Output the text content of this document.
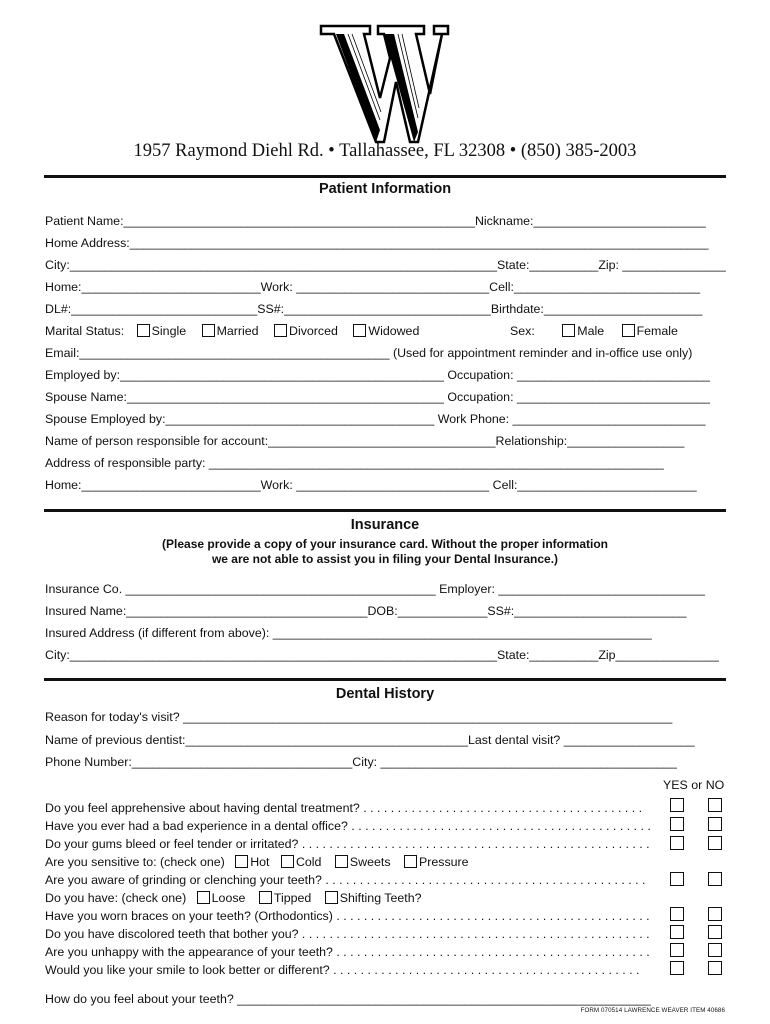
1957 Raymond Diehl Rd. • Tallahassee, FL 32308 • (850) 385-2003
Patient Information
Patient Name:___________________________________________________Nickname:_________________________
Home Address:____________________________________________________________________________________
City:______________________________________________________________State:__________Zip: _______________
Home:__________________________Work: ____________________________Cell:___________________________
DL#:___________________________SS#:______________________________Birthdate:_______________________
Marital Status: Single Married Divorced Widowed	Sex:	Male	Female
Email:_____________________________________________ (Used for appointment reminder and in-office use only)
Employed by:_______________________________________________ Occupation: ____________________________
Spouse Name:______________________________________________ Occupation: ____________________________
Spouse Employed by:_______________________________________ Work Phone: ____________________________
Name of person responsible for account:_________________________________Relationship:_________________
Address of responsible party: __________________________________________________________________
Home:__________________________Work: ____________________________ Cell:__________________________
Insurance
(Please provide a copy of your insurance card. Without the proper information
we are not able to assist you in filing your Dental Insurance.)
Insurance Co. _____________________________________________ Employer: ______________________________
Insured Name:___________________________________DOB:_____________SS#:_________________________
Insured Address (if different from above): _______________________________________________________
City:______________________________________________________________State:__________Zip_______________
Dental History
Reason for today's visit? _______________________________________________________________________
Name of previous dentist:_________________________________________Last dental visit? ___________________
Phone Number:________________________________City: ___________________________________________
YES or NO
Do you feel apprehensive about having dental treatment? . . . . . . . . . . . . . . . . . . . . . . . . . . . . . . . . . . . . . . . . .
Have you ever had a bad experience in a dental office? . . . . . . . . . . . . . . . . . . . . . . . . . . . . . . . . . . . . . . . . . . . .
Do your gums bleed or feel tender or irritated? . . . . . . . . . . . . . . . . . . . . . . . . . . . . . . . . . . . . . . . . . . . . . . . . . . .
Are you sensitive to: (check one) Hot Cold Sweets Pressure
Are you aware of grinding or clenching your teeth? . . . . . . . . . . . . . . . . . . . . . . . . . . . . . . . . . . . . . . . . . . . . . . .
Do you have: (check one) Loose Tipped Shifting Teeth?
Have you worn braces on your teeth? (Orthodontics) . . . . . . . . . . . . . . . . . . . . . . . . . . . . . . . . . . . . . . . . . . . . . .
Do you have discolored teeth that bother you? . . . . . . . . . . . . . . . . . . . . . . . . . . . . . . . . . . . . . . . . . . . . . . . . . . .
Are you unhappy with the appearance of your teeth? . . . . . . . . . . . . . . . . . . . . . . . . . . . . . . . . . . . . . . . . . . . . . .
Would you like your smile to look better or different? . . . . . . . . . . . . . . . . . . . . . . . . . . . . . . . . . . . . . . . . . . . . .
How do you feel about your teeth? ____________________________________________________________
FORM 070514 LAWRENCE WEAVER ITEM 40686
